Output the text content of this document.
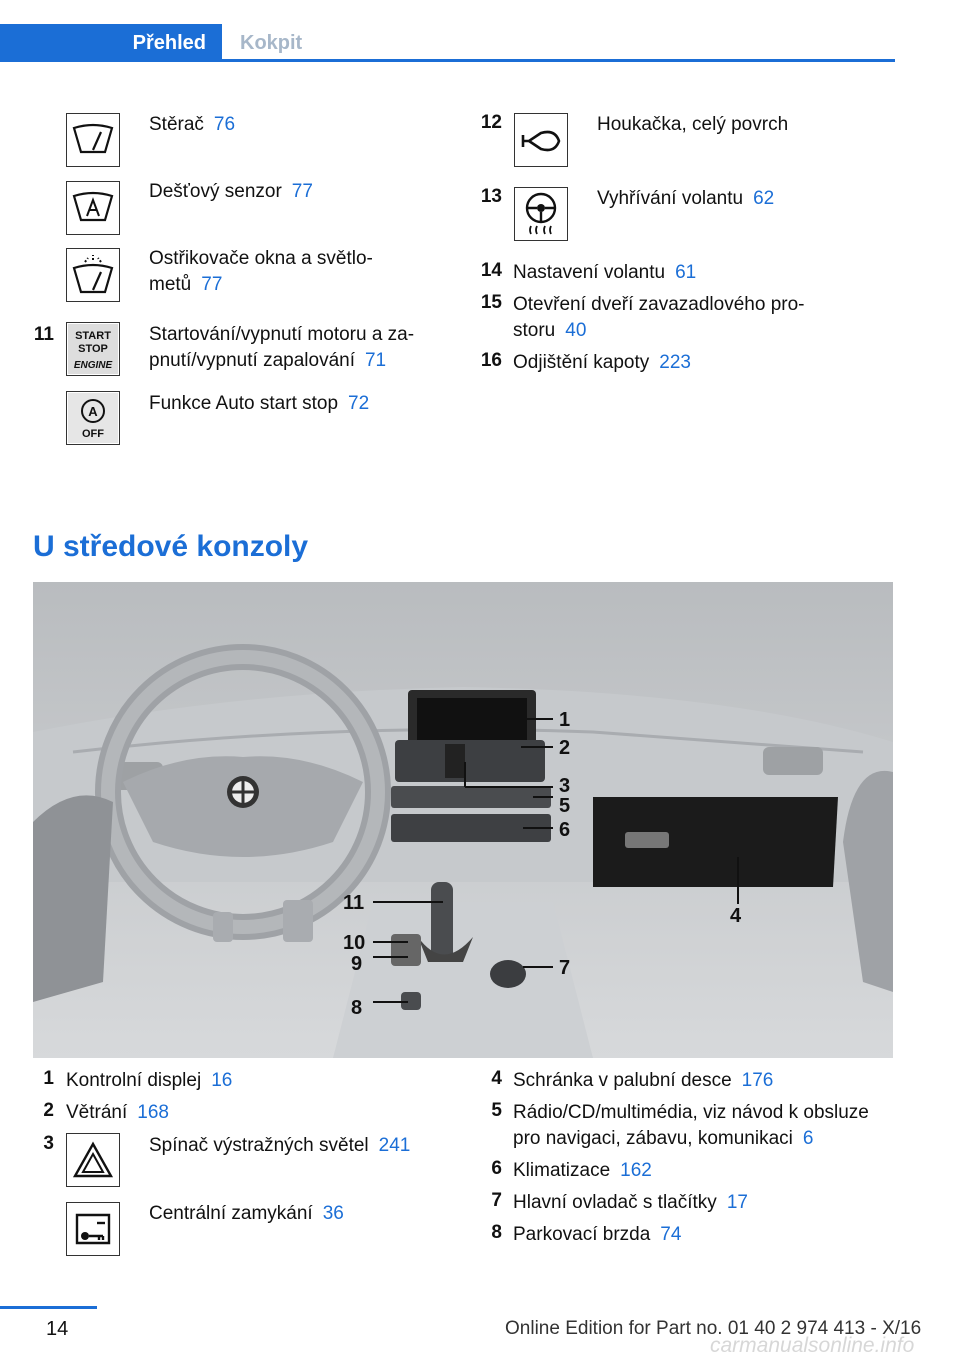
Přehled	Kokpit
Stěrač 76
Dešťový senzor 77
Ostřikovače okna a světlo-
metů 77
11 START
STOP
ENGINE
Startování/vypnutí motoru a za-
pnutí/vypnutí zapalování 71
A
OFF
Funkce Auto start stop 72
12	Houkačka, celý povrch
13	Vyhřívání volantu 62
14 Nastavení volantu 61
15 Otevření dveří zavazadlového pro-
storu 40
16 Odjištění kapoty 223
U středové konzoly
1
2
3
5
6
4
11
10
9	7
8
1 Kontrolní displej 16
2 Větrání 168
3	Spínač výstražných světel 241
Centrální zamykání 36
4 Schránka v palubní desce 176
5 Rádio/CD/multimédia, viz návod k obsluze
pro navigaci, zábavu, komunikaci 6
6 Klimatizace 162
7 Hlavní ovladač s tlačítky 17
8 Parkovací brzda 74
14	Online Edition for Part no. 01 40 2 974 413 - X/16
carmanualsonline.info
